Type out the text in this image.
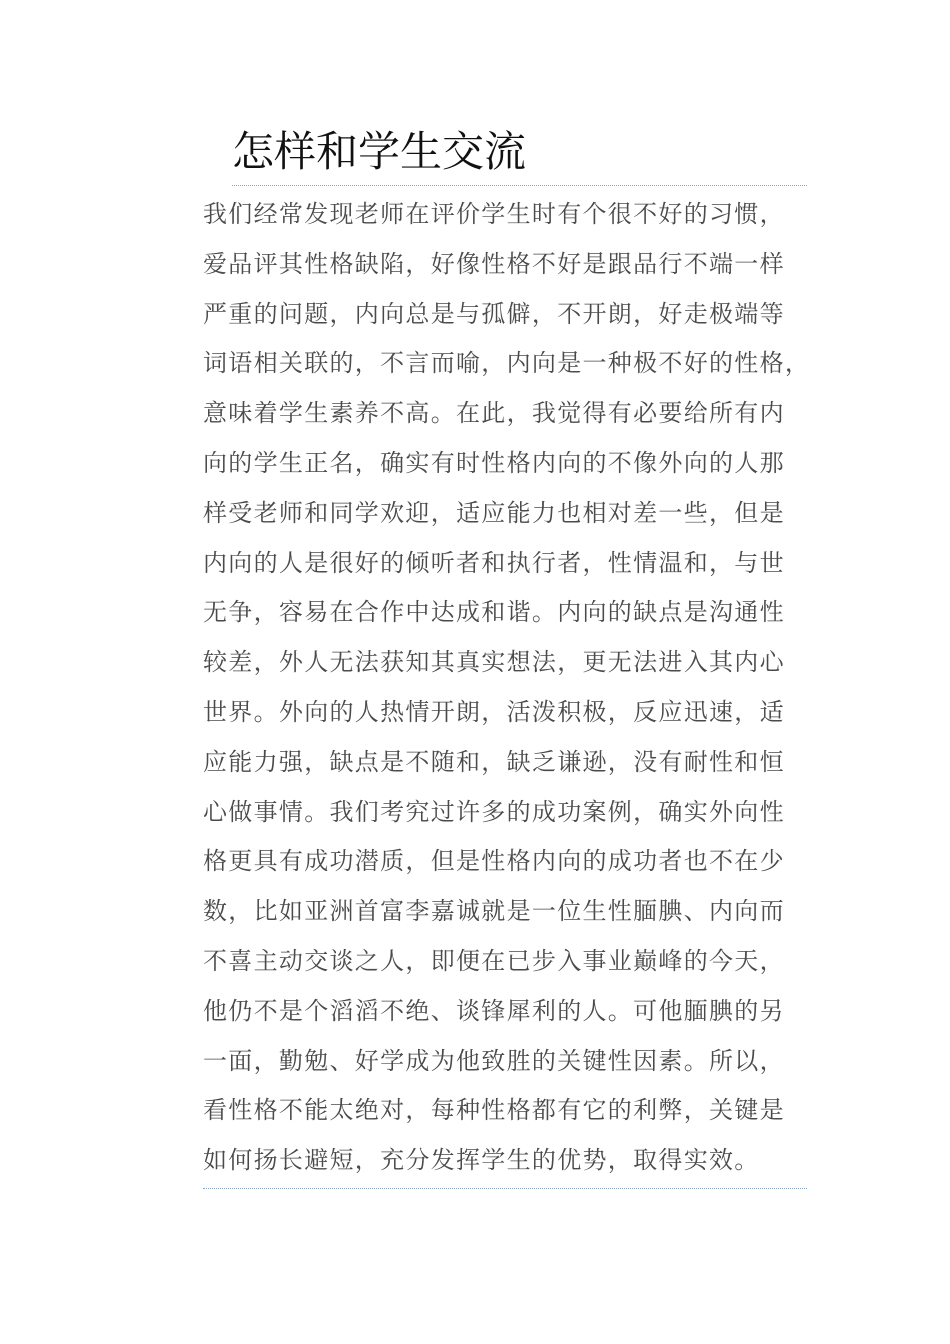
怎样和学生交流
我们经常发现老师在评价学生时有个很不好的习惯，
爱品评其性格缺陷，好像性格不好是跟品行不端一样
严重的问题，内向总是与孤僻，不开朗，好走极端等
词语相关联的，不言而喻，内向是一种极不好的性格，
意味着学生素养不高。在此，我觉得有必要给所有内
向的学生正名，确实有时性格内向的不像外向的人那
样受老师和同学欢迎，适应能力也相对差一些，但是
内向的人是很好的倾听者和执行者，性情温和，与世
无争，容易在合作中达成和谐。内向的缺点是沟通性
较差，外人无法获知其真实想法，更无法进入其内心
世界。外向的人热情开朗，活泼积极，反应迅速，适
应能力强，缺点是不随和，缺乏谦逊，没有耐性和恒
心做事情。我们考究过许多的成功案例，确实外向性
格更具有成功潜质，但是性格内向的成功者也不在少
数，比如亚洲首富李嘉诚就是一位生性腼腆、内向而
不喜主动交谈之人，即便在已步入事业巅峰的今天，
他仍不是个滔滔不绝、谈锋犀利的人。可他腼腆的另
一面，勤勉、好学成为他致胜的关键性因素。所以，
看性格不能太绝对，每种性格都有它的利弊，关键是
如何扬长避短，充分发挥学生的优势，取得实效。
